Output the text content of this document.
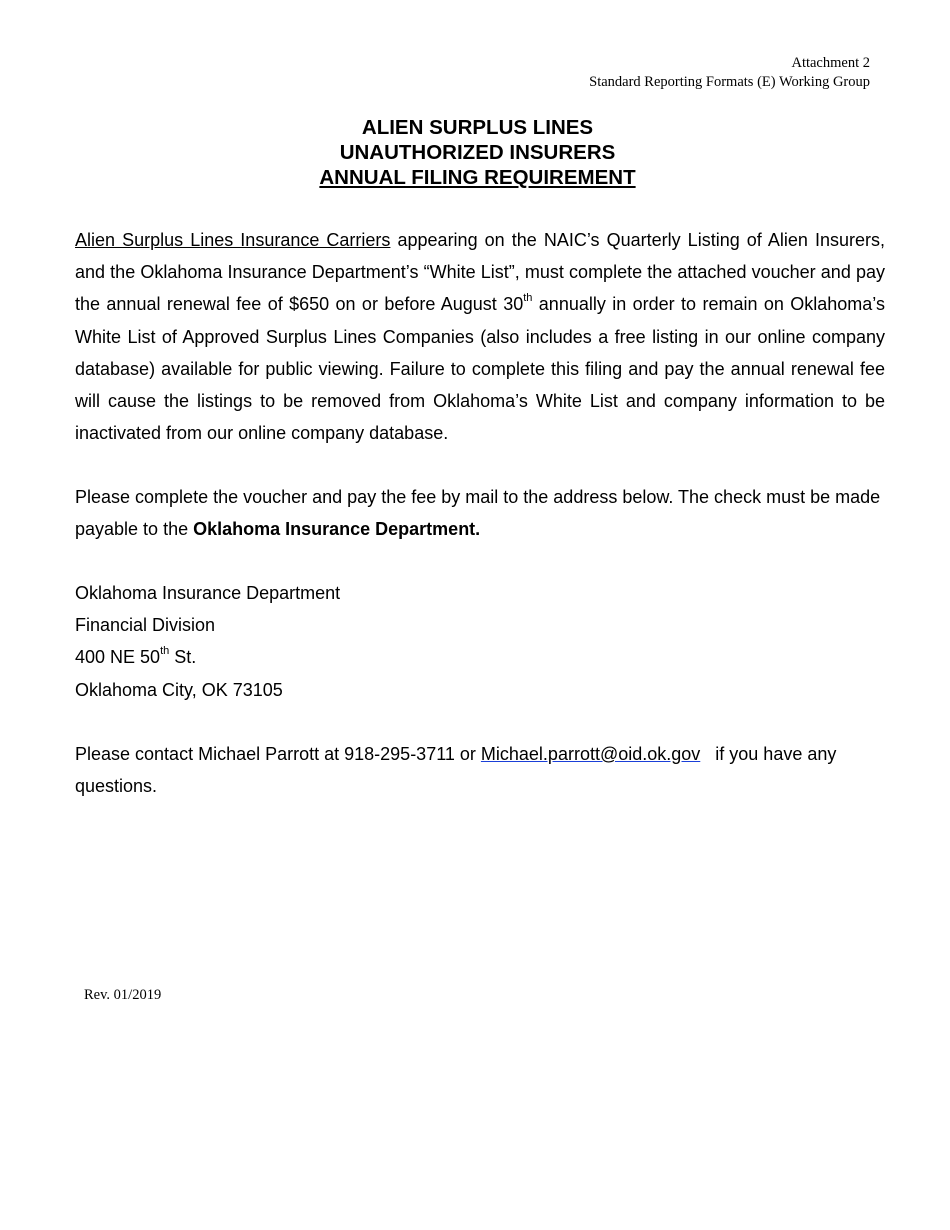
Attachment 2
Standard Reporting Formats (E) Working Group
ALIEN SURPLUS LINES
UNAUTHORIZED INSURERS
ANNUAL FILING REQUIREMENT
Alien Surplus Lines Insurance Carriers appearing on the NAIC’s Quarterly Listing of Alien Insurers, and the Oklahoma Insurance Department’s “White List”, must complete the attached voucher and pay the annual renewal fee of $650 on or before August 30th annually in order to remain on Oklahoma’s White List of Approved Surplus Lines Companies (also includes a free listing in our online company database) available for public viewing. Failure to complete this filing and pay the annual renewal fee will cause the listings to be removed from Oklahoma’s White List and company information to be inactivated from our online company database.
Please complete the voucher and pay the fee by mail to the address below. The check must be made payable to the Oklahoma Insurance Department.
Oklahoma Insurance Department
Financial Division
400 NE 50th St.
Oklahoma City, OK 73105
Please contact Michael Parrott at 918-295-3711 or Michael.parrott@oid.ok.gov   if you have any questions.
Rev. 01/2019
